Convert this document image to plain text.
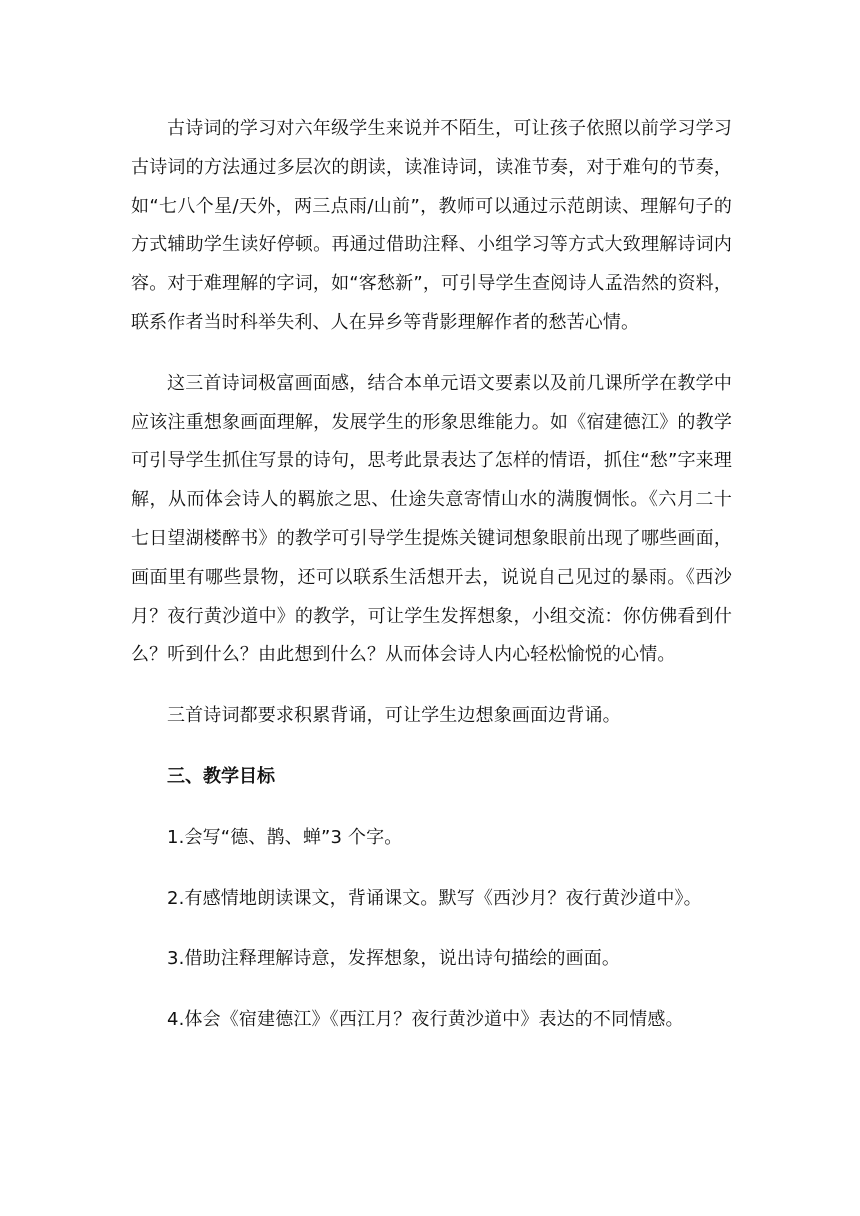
古诗词的学习对六年级学生来说并不陌生，可让孩子依照以前学习学习古诗词的方法通过多层次的朗读，读准诗词，读准节奏，对于难句的节奏，如“七八个星/天外，两三点雨/山前”，教师可以通过示范朗读、理解句子的方式辅助学生读好停顿。再通过借助注释、小组学习等方式大致理解诗词内容。对于难理解的字词，如“客愁新”，可引导学生查阅诗人孟浩然的资料，联系作者当时科举失利、人在异乡等背影理解作者的愁苦心情。

这三首诗词极富画面感，结合本单元语文要素以及前几课所学在教学中应该注重想象画面理解，发展学生的形象思维能力。如《宿建德江》的教学可引导学生抓住写景的诗句，思考此景表达了怎样的情语，抓住“愁”字来理解，从而体会诗人的羁旅之思、仕途失意寄情山水的满腹惆怅。《六月二十七日望湖楼醉书》的教学可引导学生提炼关键词想象眼前出现了哪些画面，画面里有哪些景物，还可以联系生活想开去，说说自己见过的暴雨。《西沙月？夜行黄沙道中》的教学，可让学生发挥想象，小组交流：你仿佛看到什么？听到什么？由此想到什么？从而体会诗人内心轻松愉悦的心情。

三首诗词都要求积累背诵，可让学生边想象画面边背诵。

三、教学目标

1.会写“德、鹊、蝉”3 个字。

2.有感情地朗读课文，背诵课文。默写《西沙月？夜行黄沙道中》。

3.借助注释理解诗意，发挥想象，说出诗句描绘的画面。

4.体会《宿建德江》《西江月？夜行黄沙道中》表达的不同情感。
